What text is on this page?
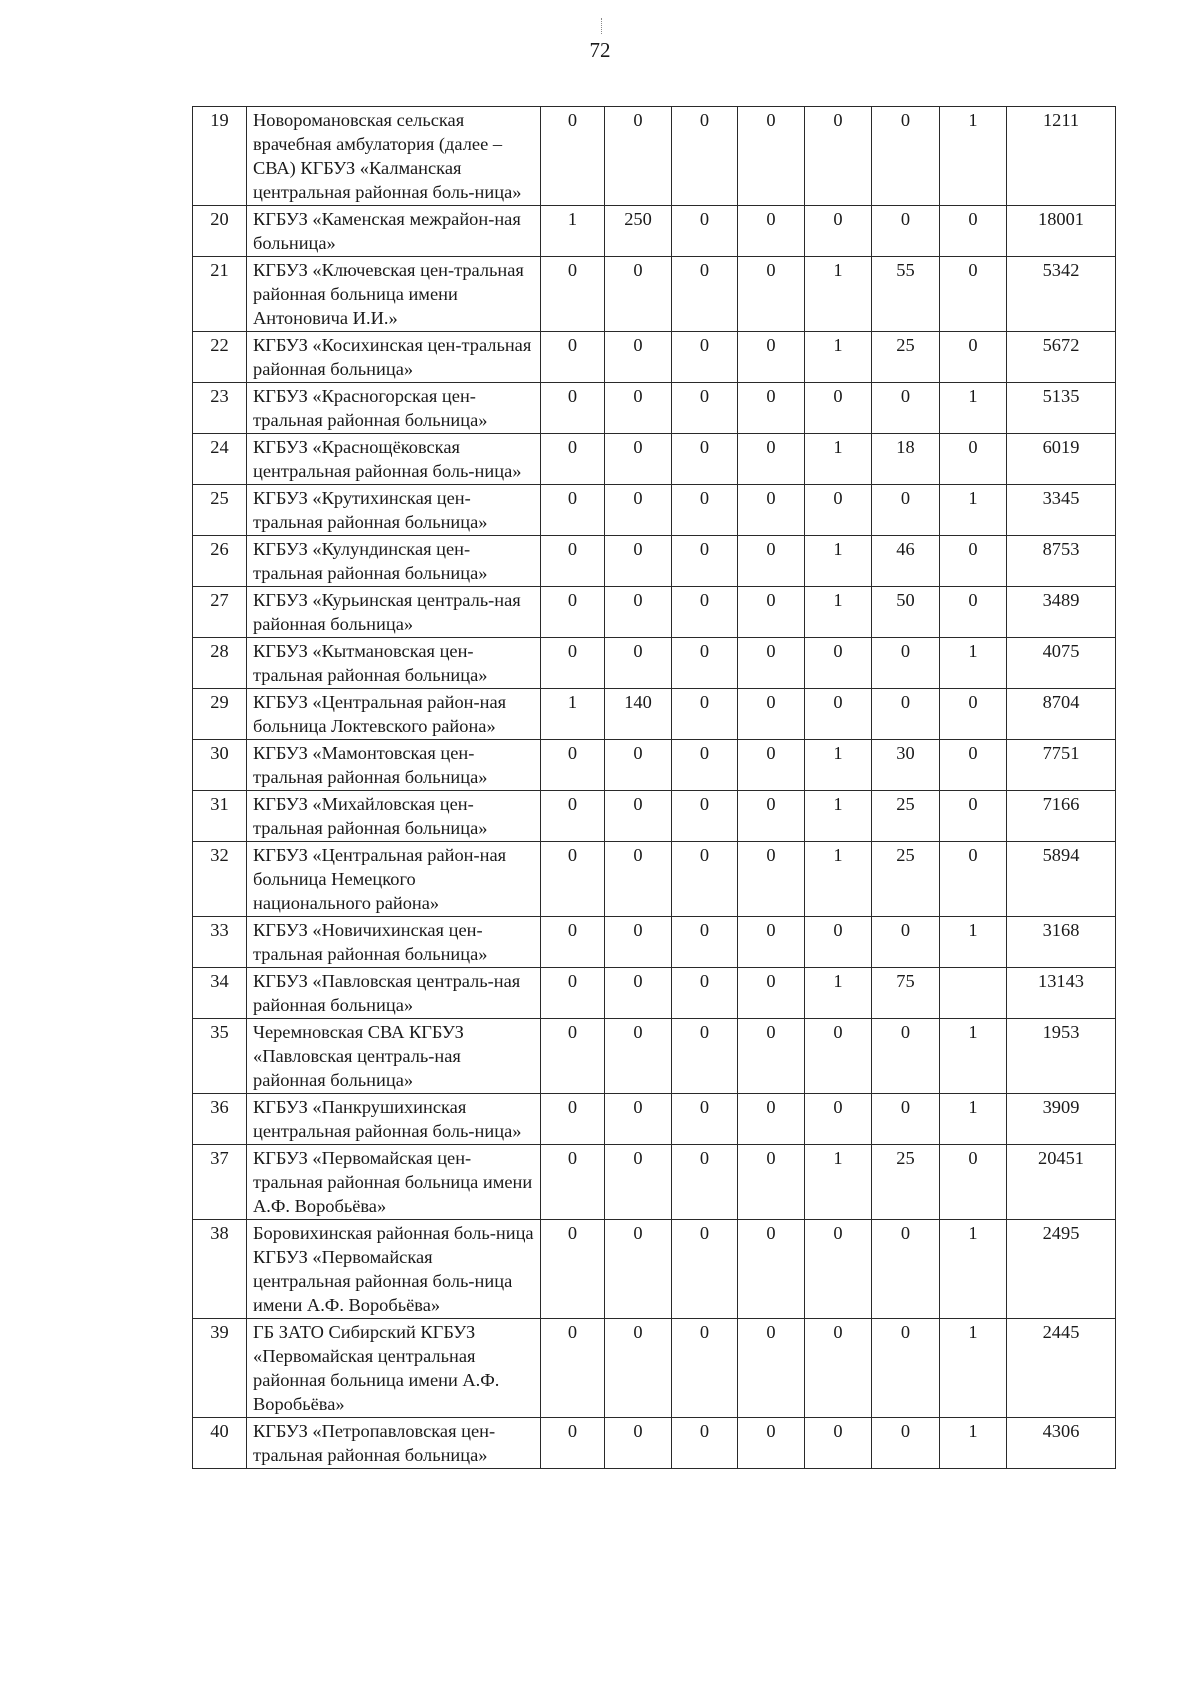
72
19	Новоромановская сельская врачебная амбулатория (далее – СВА) КГБУЗ «Калманская центральная районная боль-ница»	0	0	0	0	0	0	1	1211
20	КГБУЗ «Каменская межрайон-ная больница»	1	250	0	0	0	0	0	18001
21	КГБУЗ «Ключевская цен-тральная районная больница имени Антоновича И.И.»	0	0	0	0	1	55	0	5342
22	КГБУЗ «Косихинская цен-тральная районная больница»	0	0	0	0	1	25	0	5672
23	КГБУЗ «Красногорская цен-тральная районная больница»	0	0	0	0	0	0	1	5135
24	КГБУЗ «Краснощёковская центральная районная боль-ница»	0	0	0	0	1	18	0	6019
25	КГБУЗ «Крутихинская цен-тральная районная больница»	0	0	0	0	0	0	1	3345
26	КГБУЗ «Кулундинская цен-тральная районная больница»	0	0	0	0	1	46	0	8753
27	КГБУЗ «Курьинская централь-ная районная больница»	0	0	0	0	1	50	0	3489
28	КГБУЗ «Кытмановская цен-тральная районная больница»	0	0	0	0	0	0	1	4075
29	КГБУЗ «Центральная район-ная больница Локтевского района»	1	140	0	0	0	0	0	8704
30	КГБУЗ «Мамонтовская цен-тральная районная больница»	0	0	0	0	1	30	0	7751
31	КГБУЗ «Михайловская цен-тральная районная больница»	0	0	0	0	1	25	0	7166
32	КГБУЗ «Центральная район-ная больница Немецкого национального района»	0	0	0	0	1	25	0	5894
33	КГБУЗ «Новичихинская цен-тральная районная больница»	0	0	0	0	0	0	1	3168
34	КГБУЗ «Павловская централь-ная районная больница»	0	0	0	0	1	75		13143
35	Черемновская СВА КГБУЗ «Павловская централь-ная районная больница»	0	0	0	0	0	0	1	1953
36	КГБУЗ «Панкрушихинская центральная районная боль-ница»	0	0	0	0	0	0	1	3909
37	КГБУЗ «Первомайская цен-тральная районная больница имени А.Ф. Воробьёва»	0	0	0	0	1	25	0	20451
38	Боровихинская районная боль-ница КГБУЗ «Первомайская центральная районная боль-ница имени А.Ф. Воробьёва»	0	0	0	0	0	0	1	2495
39	ГБ ЗАТО Сибирский КГБУЗ «Первомайская центральная районная больница имени А.Ф. Воробьёва»	0	0	0	0	0	0	1	2445
40	КГБУЗ «Петропавловская цен-тральная районная больница»	0	0	0	0	0	0	1	4306
